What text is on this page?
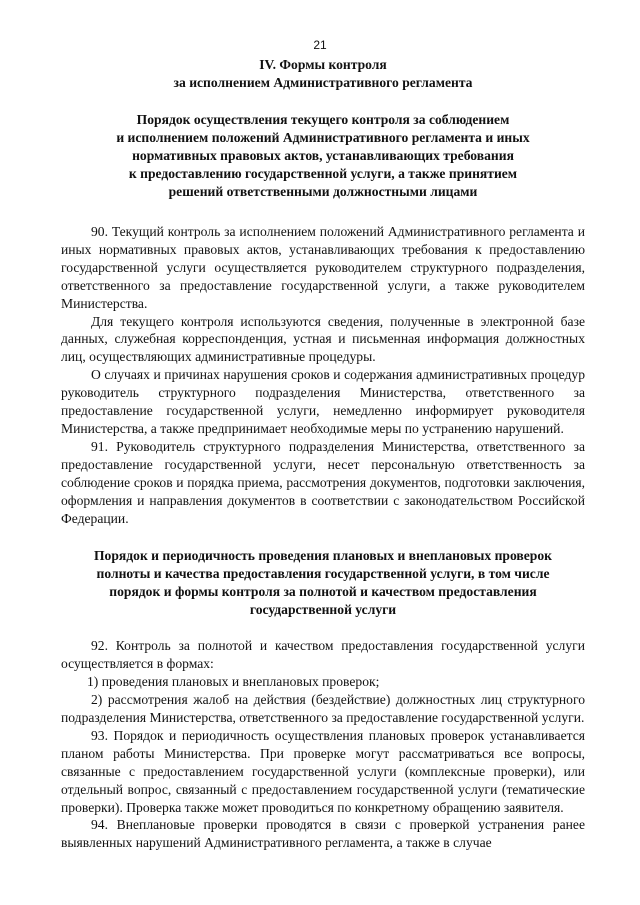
21
IV. Формы контроля
за исполнением Административного регламента
Порядок осуществления текущего контроля за соблюдением
и исполнением положений Административного регламента и иных
нормативных правовых актов, устанавливающих требования
к предоставлению государственной услуги, а также принятием
решений ответственными должностными лицами

90. Текущий контроль за исполнением положений Административного регламента и иных нормативных правовых актов, устанавливающих требования к предоставлению государственной услуги осуществляется руководителем структурного подразделения, ответственного за предоставление государственной услуги, а также руководителем Министерства.

Для текущего контроля используются сведения, полученные в электронной базе данных, служебная корреспонденция, устная и письменная информация должностных лиц, осуществляющих административные процедуры.

О случаях и причинах нарушения сроков и содержания административных процедур руководитель структурного подразделения Министерства, ответственного за предоставление государственной услуги, немедленно информирует руководителя Министерства, а также предпринимает необходимые меры по устранению нарушений.

91. Руководитель структурного подразделения Министерства, ответственного за предоставление государственной услуги, несет персональную ответственность за соблюдение сроков и порядка приема, рассмотрения документов, подготовки заключения, оформления и направления документов в соответствии с законодательством Российской Федерации.

Порядок и периодичность проведения плановых и внеплановых проверок
полноты и качества предоставления государственной услуги, в том числе
порядок и формы контроля за полнотой и качеством предоставления
государственной услуги

92. Контроль за полнотой и качеством предоставления государственной услуги осуществляется в формах:

1) проведения плановых и внеплановых проверок;

2) рассмотрения жалоб на действия (бездействие) должностных лиц структурного подразделения Министерства, ответственного за предоставление государственной услуги.

93. Порядок и периодичность осуществления плановых проверок устанавливается планом работы Министерства. При проверке могут рассматриваться все вопросы, связанные с предоставлением государственной услуги (комплексные проверки), или отдельный вопрос, связанный с предоставлением государственной услуги (тематические проверки). Проверка также может проводиться по конкретному обращению заявителя.

94. Внеплановые проверки проводятся в связи с проверкой устранения ранее выявленных нарушений Административного регламента, а также в случае
